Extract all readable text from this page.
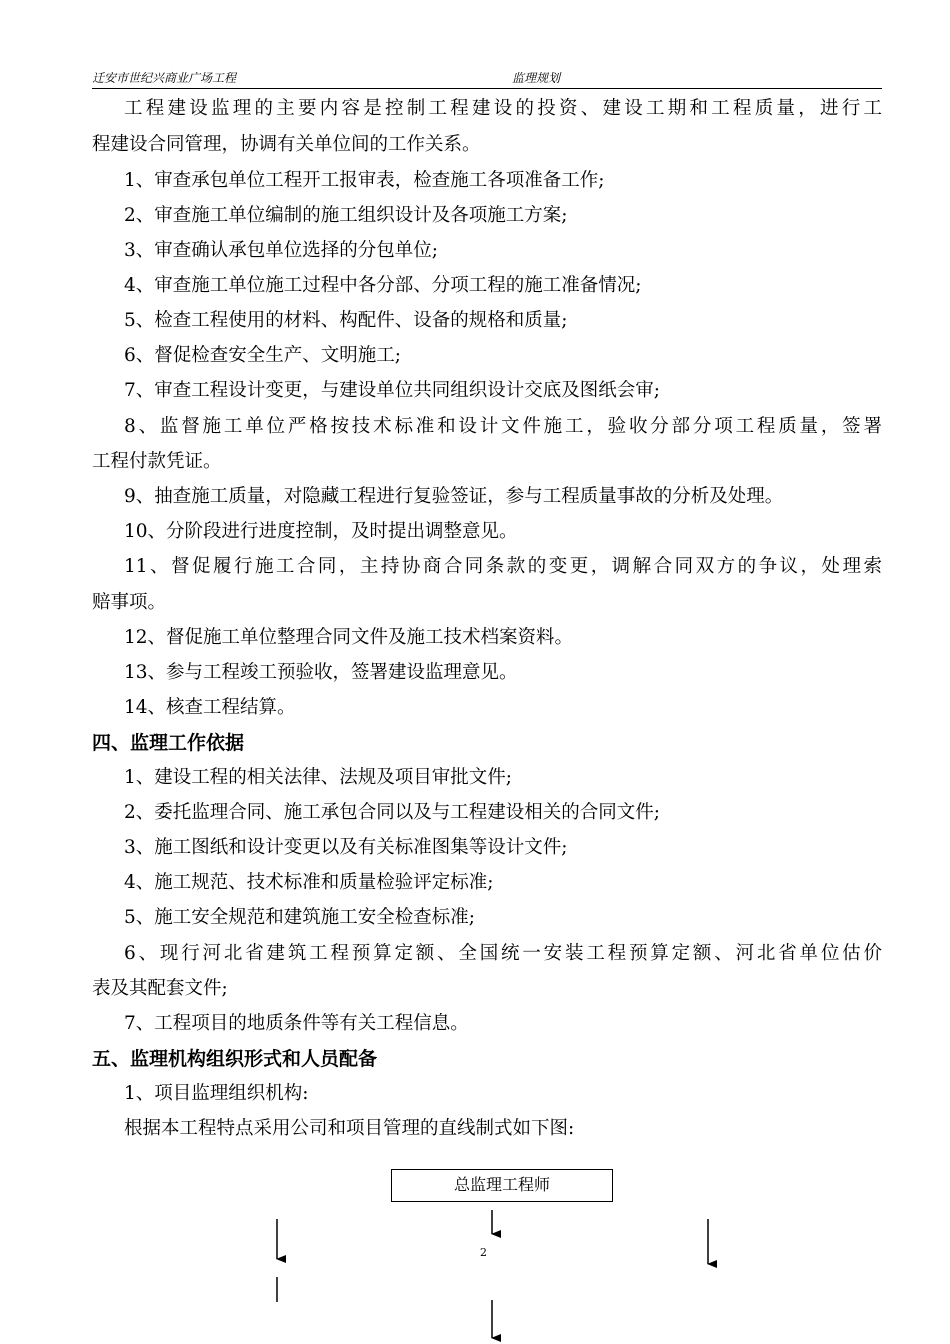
迁安市世纪兴商业广场工程	监理规划
工程建设监理的主要内容是控制工程建设的投资、建设工期和工程质量，进行工
程建设合同管理，协调有关单位间的工作关系。
1、审查承包单位工程开工报审表，检查施工各项准备工作;
2、审查施工单位编制的施工组织设计及各项施工方案;
3、审查确认承包单位选择的分包单位;
4、审查施工单位施工过程中各分部、分项工程的施工准备情况;
5、检查工程使用的材料、构配件、设备的规格和质量;
6、督促检查安全生产、文明施工;
7、审查工程设计变更，与建设单位共同组织设计交底及图纸会审;
8、监督施工单位严格按技术标准和设计文件施工，验收分部分项工程质量，签署
工程付款凭证。
9、抽查施工质量，对隐藏工程进行复验签证，参与工程质量事故的分析及处理。
10、分阶段进行进度控制，及时提出调整意见。
11、督促履行施工合同，主持协商合同条款的变更，调解合同双方的争议，处理索
赔事项。
12、督促施工单位整理合同文件及施工技术档案资料。
13、参与工程竣工预验收，签署建设监理意见。
14、核查工程结算。
四、监理工作依据
1、建设工程的相关法律、法规及项目审批文件;
2、委托监理合同、施工承包合同以及与工程建设相关的合同文件;
3、施工图纸和设计变更以及有关标准图集等设计文件;
4、施工规范、技术标准和质量检验评定标准;
5、施工安全规范和建筑施工安全检查标准;
6、现行河北省建筑工程预算定额、全国统一安装工程预算定额、河北省单位估价
表及其配套文件;
7、工程项目的地质条件等有关工程信息。
五、监理机构组织形式和人员配备
1、项目监理组织机构:
根据本工程特点采用公司和项目管理的直线制式如下图:
总监理工程师
2
